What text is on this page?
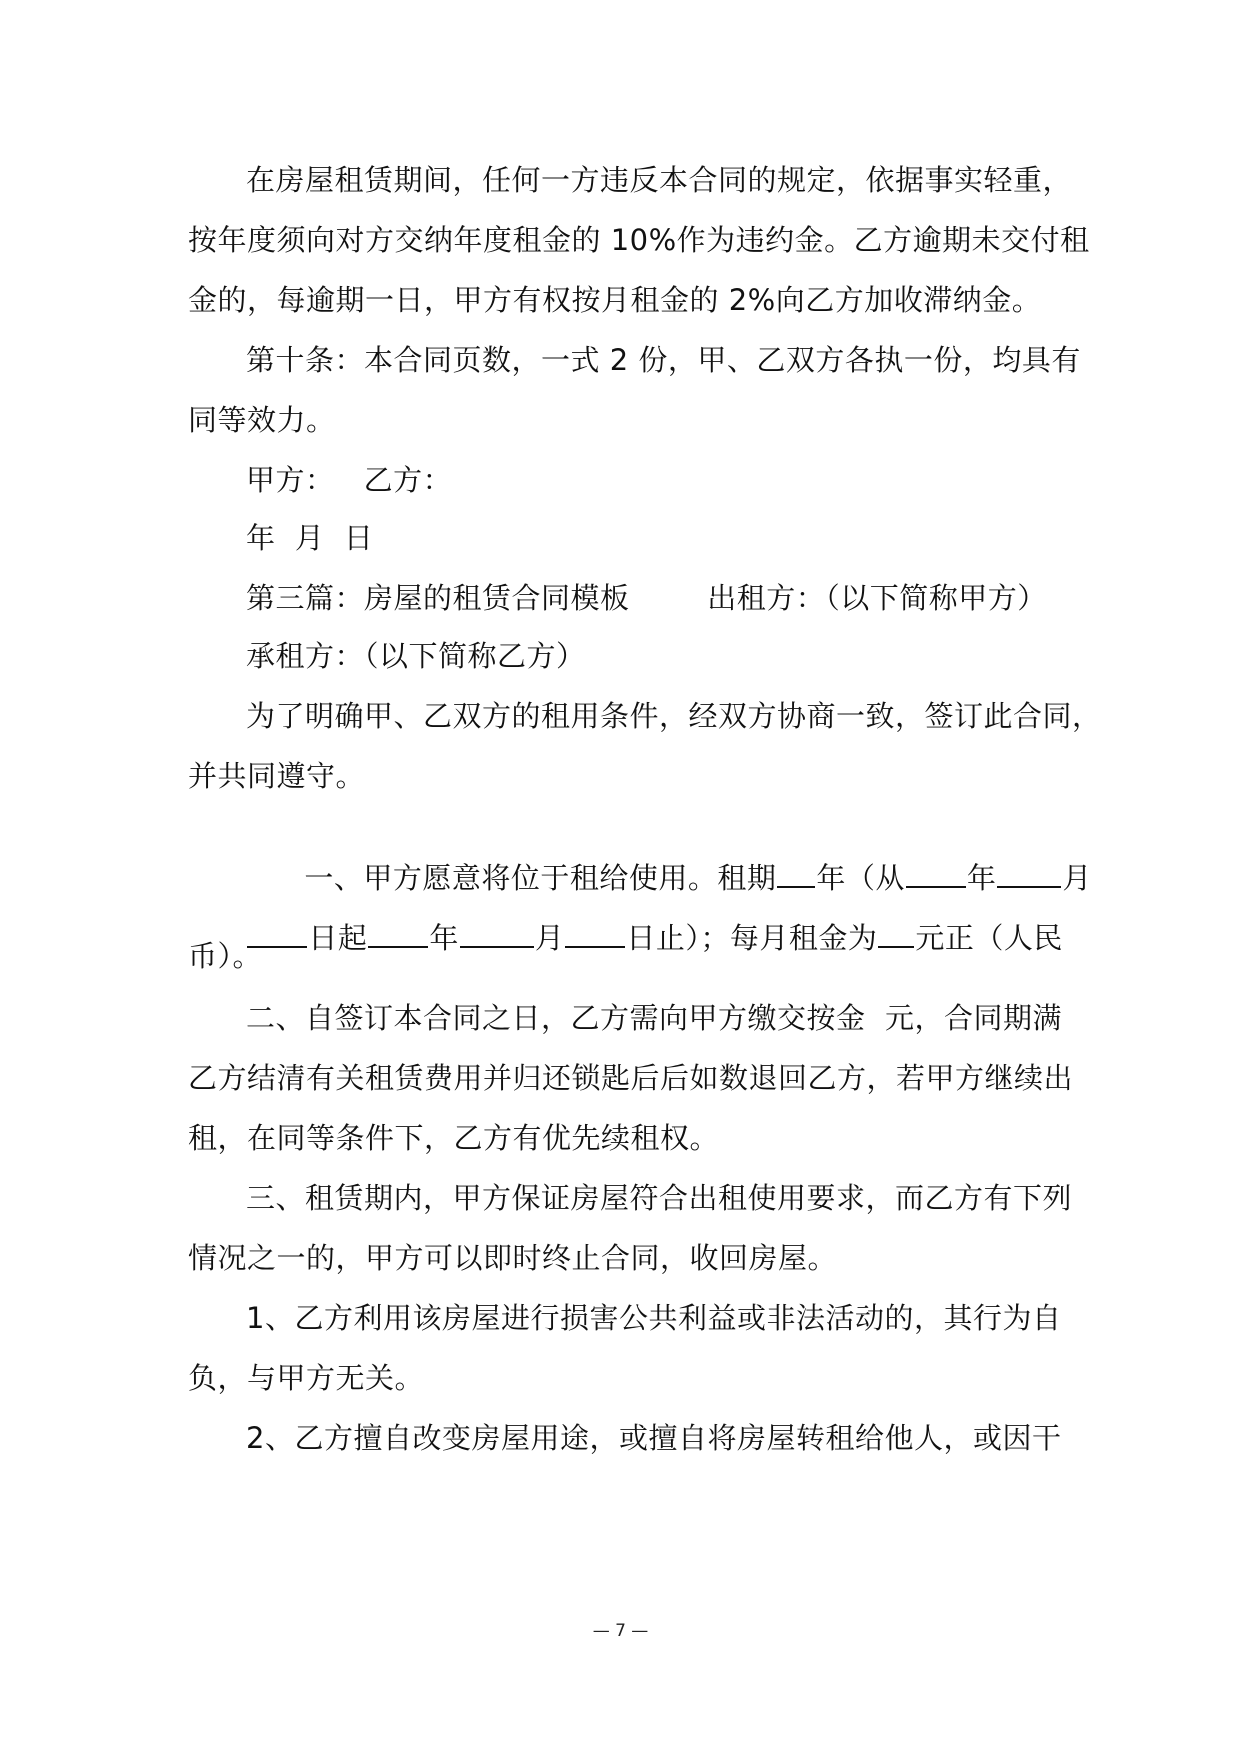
在房屋租赁期间，任何一方违反本合同的规定，依据事实轻重，
按年度须向对方交纳年度租金的 10%作为违约金。乙方逾期未交付租
金的，每逾期一日，甲方有权按月租金的 2%向乙方加收滞纳金。
第十条：本合同页数，一式 2 份，甲、乙双方各执一份，均具有
同等效力。
甲方：   乙方：
年  月  日
第三篇：房屋的租赁合同模板        出租方：（以下简称甲方）
承租方：（以下简称乙方）
为了明确甲、乙双方的租用条件，经双方协商一致，签订此合同，
并共同遵守。

一、甲方愿意将位于租给使用。租期 年（从 年 月

日起 年	月 日止）；每月租金为 元正（人民

币）。
二、自签订本合同之日，乙方需向甲方缴交按金  元，合同期满
乙方结清有关租赁费用并归还锁匙后后如数退回乙方，若甲方继续出
租，在同等条件下，乙方有优先续租权。
三、租赁期内，甲方保证房屋符合出租使用要求，而乙方有下列
情况之一的，甲方可以即时终止合同，收回房屋。
1、乙方利用该房屋进行损害公共利益或非法活动的，其行为自
负，与甲方无关。
2、乙方擅自改变房屋用途，或擅自将房屋转租给他人，或因干
— 7 —
